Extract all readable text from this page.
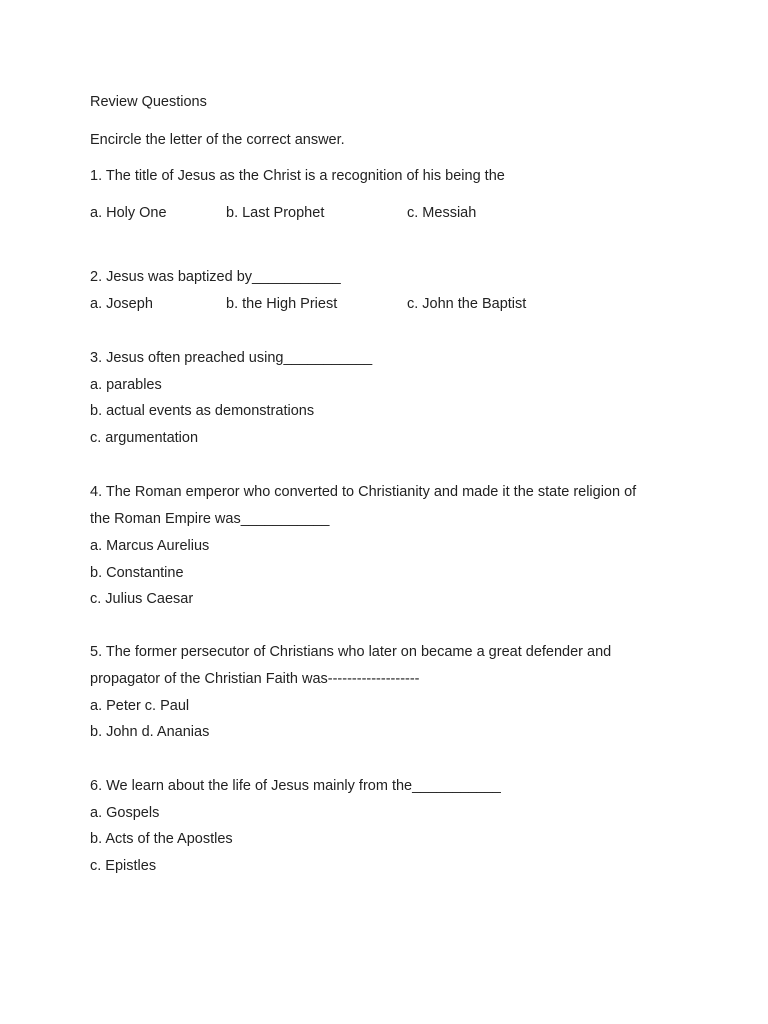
Review Questions
Encircle the letter of the correct answer.
1. The title of Jesus as the Christ is a recognition of his being the
a. Holy One	b. Last Prophet	c. Messiah
2. Jesus was baptized by___________
a. Joseph	b. the High Priest	c. John the Baptist
3. Jesus often preached using___________
a. parables
b. actual events as demonstrations
c. argumentation
4. The Roman emperor who converted to Christianity and made it the state religion of
the Roman Empire was___________
a. Marcus Aurelius
b. Constantine
c. Julius Caesar
5. The former persecutor of Christians who later on became a great defender and
propagator of the Christian Faith was-------------------
a. Peter c. Paul
b. John d. Ananias
6. We learn about the life of Jesus mainly from the___________
a. Gospels
b. Acts of the Apostles
c. Epistles
